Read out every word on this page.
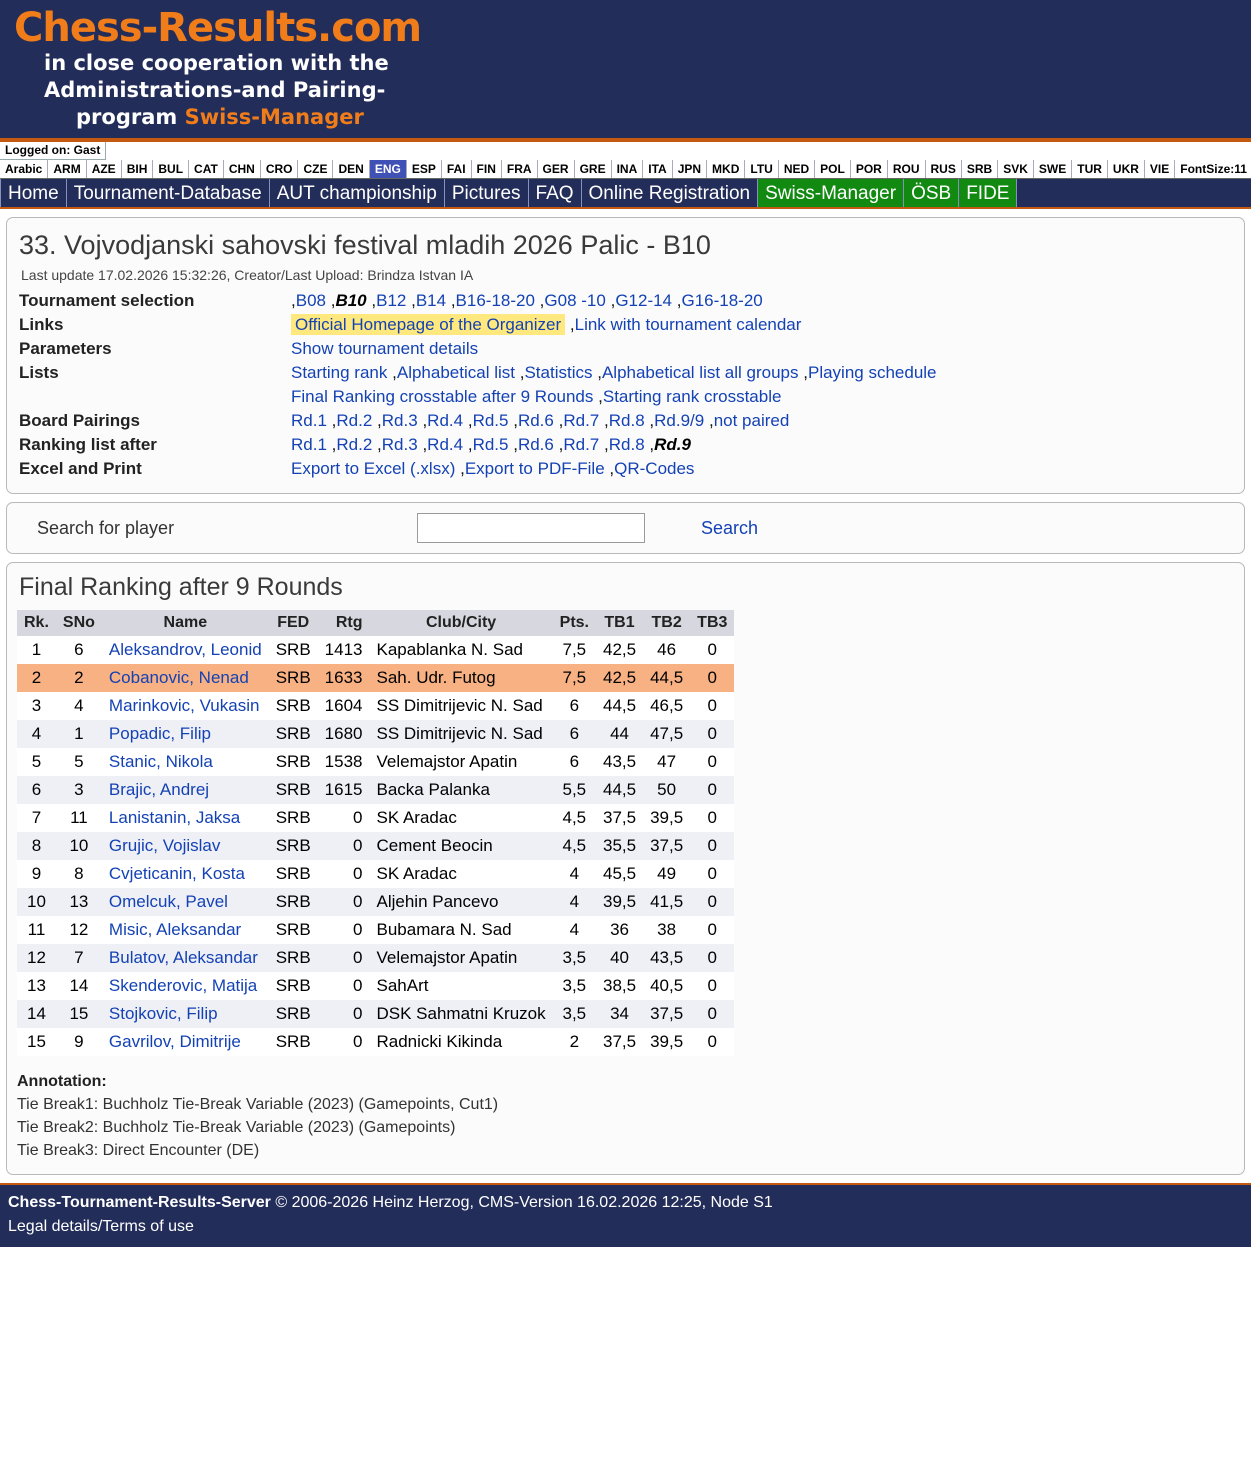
Chess-Results.com
in close cooperation with the
Administrations-and Pairing-
program Swiss-Manager
Logged on: Gast
Arabic ARM AZE BIH BUL CAT CHN CRO CZE DEN ENG ESP FAI FIN FRA GER GRE INA ITA JPN MKD LTU NED POL POR ROU RUS SRB SVK SWE TUR UKR VIE FontSize:11
Home Tournament-Database AUT championship Pictures FAQ Online Registration Swiss-Manager ÖSB FIDE
33. Vojvodjanski sahovski festival mladih 2026 Palic - B10
Last update 17.02.2026 15:32:26, Creator/Last Upload: Brindza Istvan IA
Tournament selection	,B08 ,B10 ,B12 ,B14 ,B16-18-20 ,G08 -10 ,G12-14 ,G16-18-20
Links	Official Homepage of the Organizer ,Link with tournament calendar
Parameters	Show tournament details
Lists	Starting rank ,Alphabetical list ,Statistics ,Alphabetical list all groups ,Playing schedule
	Final Ranking crosstable after 9 Rounds ,Starting rank crosstable
Board Pairings	Rd.1 ,Rd.2 ,Rd.3 ,Rd.4 ,Rd.5 ,Rd.6 ,Rd.7 ,Rd.8 ,Rd.9/9 ,not paired
Ranking list after	Rd.1 ,Rd.2 ,Rd.3 ,Rd.4 ,Rd.5 ,Rd.6 ,Rd.7 ,Rd.8 ,Rd.9
Excel and Print	Export to Excel (.xlsx) ,Export to PDF-File ,QR-Codes
Search for player	Search
Final Ranking after 9 Rounds
Rk.	SNo	Name	FED	Rtg	Club/City	Pts.	TB1	TB2	TB3
1	6	Aleksandrov, Leonid	SRB	1413	Kapablanka N. Sad	7,5	42,5	46	0
2	2	Cobanovic, Nenad	SRB	1633	Sah. Udr. Futog	7,5	42,5	44,5	0
3	4	Marinkovic, Vukasin	SRB	1604	SS Dimitrijevic N. Sad	6	44,5	46,5	0
4	1	Popadic, Filip	SRB	1680	SS Dimitrijevic N. Sad	6	44	47,5	0
5	5	Stanic, Nikola	SRB	1538	Velemajstor Apatin	6	43,5	47	0
6	3	Brajic, Andrej	SRB	1615	Backa Palanka	5,5	44,5	50	0
7	11	Lanistanin, Jaksa	SRB	0	SK Aradac	4,5	37,5	39,5	0
8	10	Grujic, Vojislav	SRB	0	Cement Beocin	4,5	35,5	37,5	0
9	8	Cvjeticanin, Kosta	SRB	0	SK Aradac	4	45,5	49	0
10	13	Omelcuk, Pavel	SRB	0	Aljehin Pancevo	4	39,5	41,5	0
11	12	Misic, Aleksandar	SRB	0	Bubamara N. Sad	4	36	38	0
12	7	Bulatov, Aleksandar	SRB	0	Velemajstor Apatin	3,5	40	43,5	0
13	14	Skenderovic, Matija	SRB	0	SahArt	3,5	38,5	40,5	0
14	15	Stojkovic, Filip	SRB	0	DSK Sahmatni Kruzok	3,5	34	37,5	0
15	9	Gavrilov, Dimitrije	SRB	0	Radnicki Kikinda	2	37,5	39,5	0
Annotation:
Tie Break1: Buchholz Tie-Break Variable (2023) (Gamepoints, Cut1)
Tie Break2: Buchholz Tie-Break Variable (2023) (Gamepoints)
Tie Break3: Direct Encounter (DE)
Chess-Tournament-Results-Server © 2006-2026 Heinz Herzog, CMS-Version 16.02.2026 12:25, Node S1
Legal details/Terms of use
